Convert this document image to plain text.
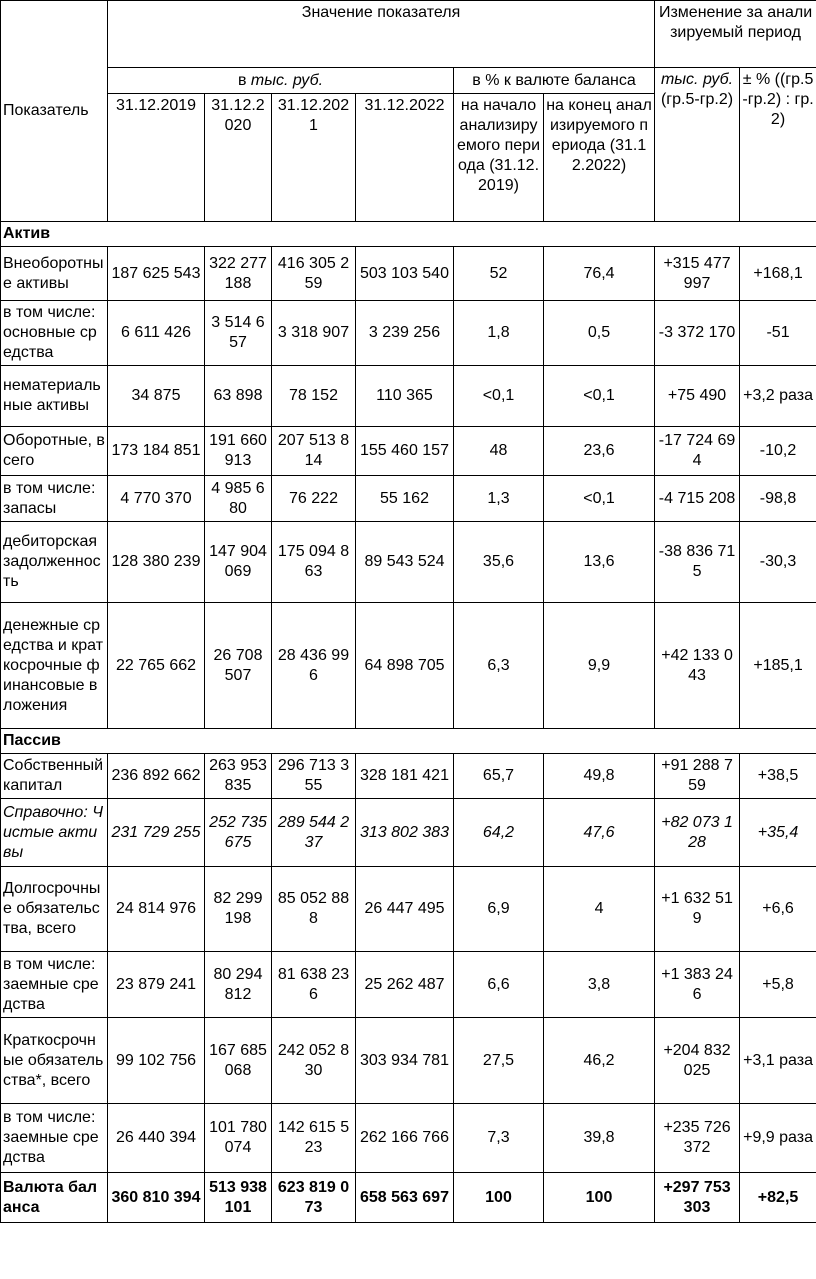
Показатель	Значение показателя						Изменение за анализируемый период	
	в тыс. руб.				в % к валюте баланса		тыс. руб. (гр.5-гр.2)	± % ((гр.5-гр.2) : гр.2)
	31.12.2019	31.12.2020	31.12.2021	31.12.2022	на начало анализируемого периода (31.12.2019)	на конец анализируемого периода (31.12.2022)		

Актив								
Внеоборотные активы	187 625 543	322 277 188	416 305 259	503 103 540	52	76,4	+315 477 997	+168,1
в том числе: основные средства	6 611 426	3 514 657	3 318 907	3 239 256	1,8	0,5	-3 372 170	-51
нематериальные активы	34 875	63 898	78 152	110 365	<0,1	<0,1	+75 490	+3,2 раза
Оборотные, всего	173 184 851	191 660 913	207 513 814	155 460 157	48	23,6	-17 724 694	-10,2
в том числе: запасы	4 770 370	4 985 680	76 222	55 162	1,3	<0,1	-4 715 208	-98,8
дебиторская задолженность	128 380 239	147 904 069	175 094 863	89 543 524	35,6	13,6	-38 836 715	-30,3
денежные средства и краткосрочные финансовые вложения	22 765 662	26 708 507	28 436 996	64 898 705	6,3	9,9	+42 133 043	+185,1
Пассив								
Собственный капитал	236 892 662	263 953 835	296 713 355	328 181 421	65,7	49,8	+91 288 759	+38,5
Справочно: Чистые активы	231 729 255	252 735 675	289 544 237	313 802 383	64,2	47,6	+82 073 128	+35,4
Долгосрочные обязательства, всего	24 814 976	82 299 198	85 052 888	26 447 495	6,9	4	+1 632 519	+6,6
в том числе: заемные средства	23 879 241	80 294 812	81 638 236	25 262 487	6,6	3,8	+1 383 246	+5,8
Краткосрочные обязательства*, всего	99 102 756	167 685 068	242 052 830	303 934 781	27,5	46,2	+204 832 025	+3,1 раза
в том числе: заемные средства	26 440 394	101 780 074	142 615 523	262 166 766	7,3	39,8	+235 726 372	+9,9 раза
Валюта баланса	360 810 394	513 938 101	623 819 073	658 563 697	100	100	+297 753 303	+82,5
